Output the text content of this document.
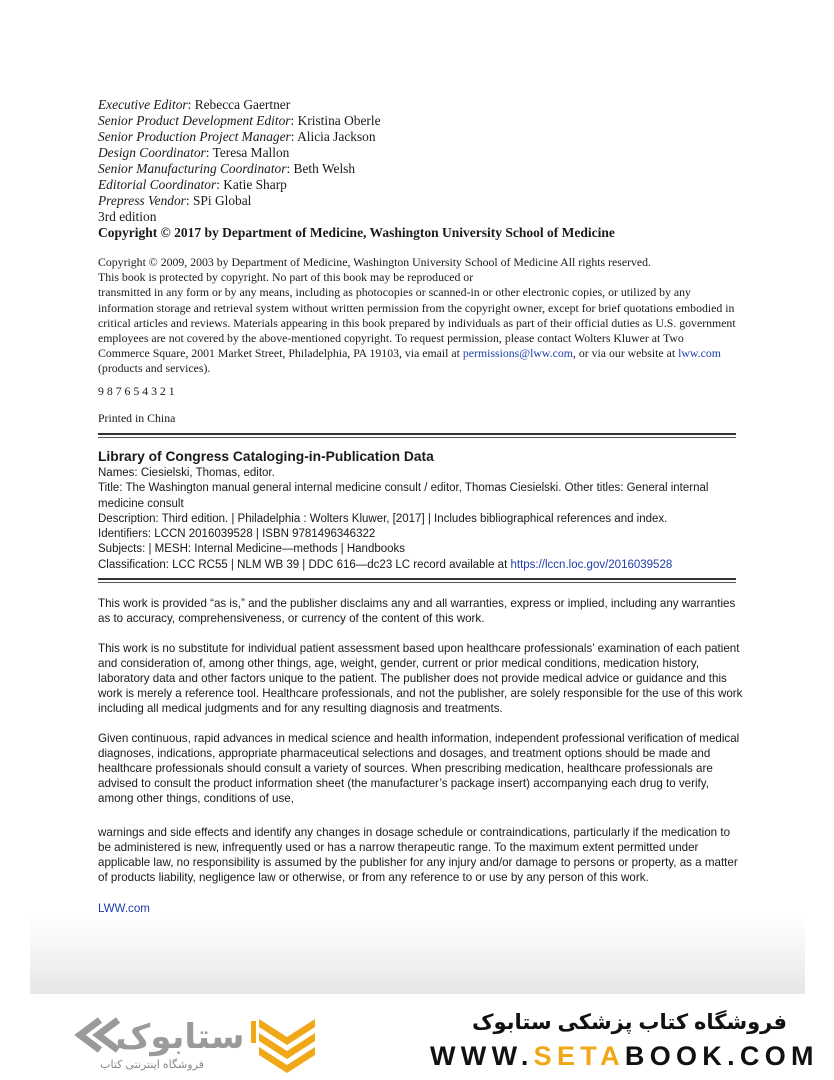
Executive Editor: Rebecca Gaertner
Senior Product Development Editor: Kristina Oberle
Senior Production Project Manager: Alicia Jackson
Design Coordinator: Teresa Mallon
Senior Manufacturing Coordinator: Beth Welsh
Editorial Coordinator: Katie Sharp
Prepress Vendor: SPi Global
3rd edition
Copyright © 2017 by Department of Medicine, Washington University School of Medicine
Copyright © 2009, 2003 by Department of Medicine, Washington University School of Medicine All rights reserved.
This book is protected by copyright. No part of this book may be reproduced or
transmitted in any form or by any means, including as photocopies or scanned-in or other electronic copies, or utilized by any information storage and retrieval system without written permission from the copyright owner, except for brief quotations embodied in critical articles and reviews. Materials appearing in this book prepared by individuals as part of their official duties as U.S. government employees are not covered by the above-mentioned copyright. To request permission, please contact Wolters Kluwer at Two Commerce Square, 2001 Market Street, Philadelphia, PA 19103, via email at permissions@lww.com, or via our website at lww.com (products and services).
9 8 7 6 5 4 3 2 1
Printed in China
Library of Congress Cataloging-in-Publication Data
Names: Ciesielski, Thomas, editor.
Title: The Washington manual general internal medicine consult / editor, Thomas Ciesielski. Other titles: General internal medicine consult
Description: Third edition. | Philadelphia : Wolters Kluwer, [2017] | Includes bibliographical references and index.
Identifiers: LCCN 2016039528 | ISBN 9781496346322
Subjects: | MESH: Internal Medicine—methods | Handbooks
Classification: LCC RC55 | NLM WB 39 | DDC 616—dc23 LC record available at https://lccn.loc.gov/2016039528
This work is provided “as is,” and the publisher disclaims any and all warranties, express or implied, including any warranties as to accuracy, comprehensiveness, or currency of the content of this work.
This work is no substitute for individual patient assessment based upon healthcare professionals’ examination of each patient and consideration of, among other things, age, weight, gender, current or prior medical conditions, medication history, laboratory data and other factors unique to the patient. The publisher does not provide medical advice or guidance and this work is merely a reference tool. Healthcare professionals, and not the publisher, are solely responsible for the use of this work including all medical judgments and for any resulting diagnosis and treatments.
Given continuous, rapid advances in medical science and health information, independent professional verification of medical diagnoses, indications, appropriate pharmaceutical selections and dosages, and treatment options should be made and healthcare professionals should consult a variety of sources. When prescribing medication, healthcare professionals are advised to consult the product information sheet (the manufacturer’s package insert) accompanying each drug to verify, among other things, conditions of use,
warnings and side effects and identify any changes in dosage schedule or contraindications, particularly if the medication to be administered is new, infrequently used or has a narrow therapeutic range. To the maximum extent permitted under applicable law, no responsibility is assumed by the publisher for any injury and/or damage to persons or property, as a matter of products liability, negligence law or otherwise, or from any reference to or use by any person of this work.
LWW.com
ستابوک
فروشگاه اینترنتی کتاب
فروشگاه کتاب پزشکی ستابوک
WWW.SETABOOK.COM
